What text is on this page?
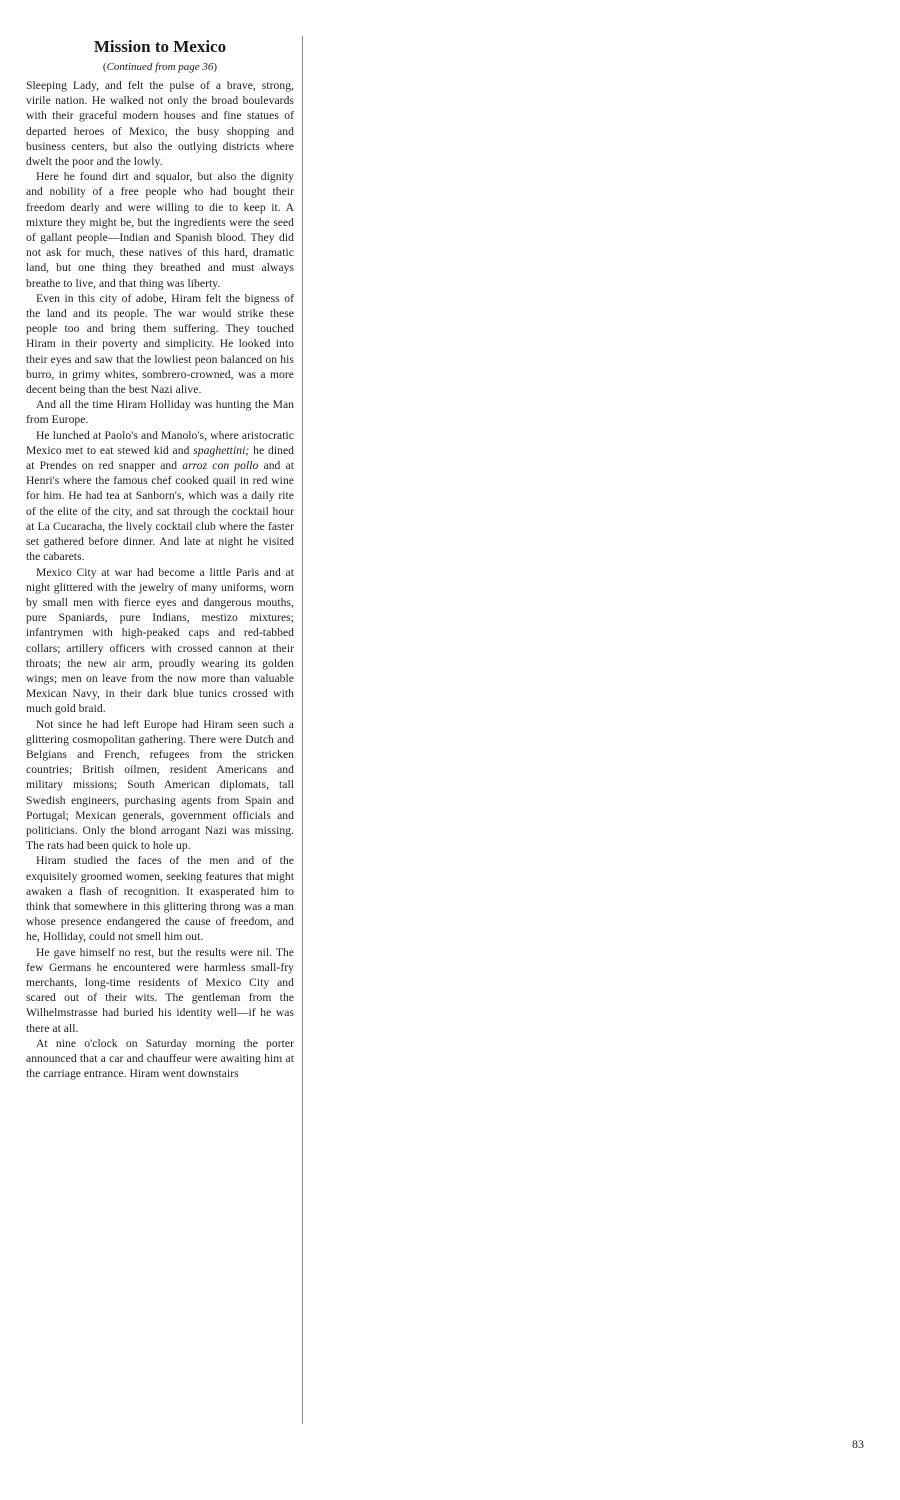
Mission to Mexico
(Continued from page 36)

Sleeping Lady, and felt the pulse of a brave, strong, virile nation. He walked not only the broad boulevards with their graceful modern houses and fine statues of departed heroes of Mexico, the busy shopping and business centers, but also the outlying districts where dwelt the poor and the lowly.

Here he found dirt and squalor, but also the dignity and nobility of a free people who had bought their freedom dearly and were willing to die to keep it. A mixture they might be, but the ingredients were the seed of gallant people—Indian and Spanish blood. They did not ask for much, these natives of this hard, dramatic land, but one thing they breathed and must always breathe to live, and that thing was liberty.

Even in this city of adobe, Hiram felt the bigness of the land and its people. The war would strike these people too and bring them suffering. They touched Hiram in their poverty and simplicity. He looked into their eyes and saw that the lowliest peon balanced on his burro, in grimy whites, sombrero-crowned, was a more decent being than the best Nazi alive.

And all the time Hiram Holliday was hunting the Man from Europe.

He lunched at Paolo's and Manolo's, where aristocratic Mexico met to eat stewed kid and spaghettini; he dined at Prendes on red snapper and arroz con pollo and at Henri's where the famous chef cooked quail in red wine for him. He had tea at Sanborn's, which was a daily rite of the elite of the city, and sat through the cocktail hour at La Cucaracha, the lively cocktail club where the faster set gathered before dinner. And late at night he visited the cabarets.

Mexico City at war had become a little Paris and at night glittered with the jewelry of many uniforms, worn by small men with fierce eyes and dangerous mouths, pure Spaniards, pure Indians, mestizo mixtures; infantrymen with high-peaked caps and red-tabbed collars; artillery officers with crossed cannon at their throats; the new air arm, proudly wearing its golden wings; men on leave from the now more than valuable Mexican Navy, in their dark blue tunics crossed with much gold braid.

Not since he had left Europe had Hiram seen such a glittering cosmopolitan gathering. There were Dutch and Belgians and French, refugees from the stricken countries; British oilmen, resident Americans and military missions; South American diplomats, tall Swedish engineers, purchasing agents from Spain and Portugal; Mexican generals, government officials and politicians. Only the blond arrogant Nazi was missing. The rats had been quick to hole up.

Hiram studied the faces of the men and of the exquisitely groomed women, seeking features that might awaken a flash of recognition. It exasperated him to think that somewhere in this glittering throng was a man whose presence endangered the cause of freedom, and he, Holliday, could not smell him out.

He gave himself no rest, but the results were nil. The few Germans he encountered were harmless small-fry merchants, long-time residents of Mexico City and scared out of their wits. The gentleman from the Wilhelmstrasse had buried his identity well—if he was there at all.

At nine o'clock on Saturday morning the porter announced that a car and chauffeur were awaiting him at the carriage entrance. Hiram went downstairs

83
